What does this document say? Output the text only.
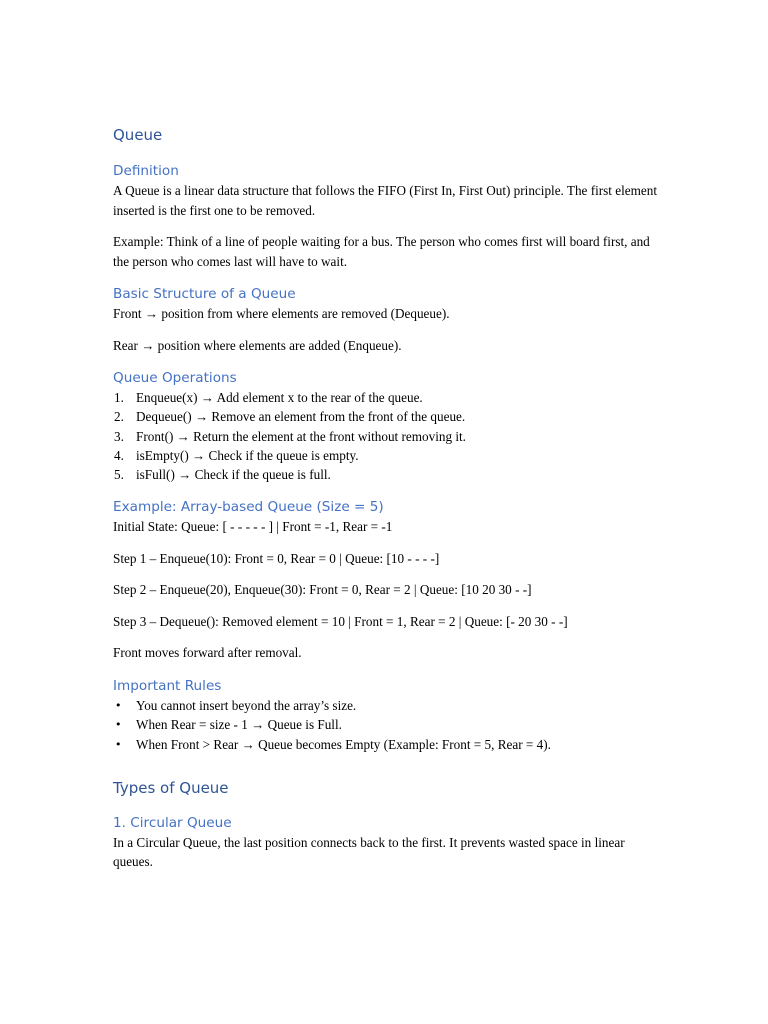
Queue
Definition

A Queue is a linear data structure that follows the FIFO (First In, First Out) principle. The first element inserted is the first one to be removed.

Example: Think of a line of people waiting for a bus. The person who comes first will board first, and the person who comes last will have to wait.

Basic Structure of a Queue

Front → position from where elements are removed (Dequeue).

Rear → position where elements are added (Enqueue).

Queue Operations
1. Enqueue(x) → Add element x to the rear of the queue.
2. Dequeue() → Remove an element from the front of the queue.
3. Front() → Return the element at the front without removing it.
4. isEmpty() → Check if the queue is empty.
5. isFull() → Check if the queue is full.
Example: Array-based Queue (Size = 5)

Initial State: Queue: [ - - - - - ] | Front = -1, Rear = -1

Step 1 – Enqueue(10): Front = 0, Rear = 0 | Queue: [10 - - - -]

Step 2 – Enqueue(20), Enqueue(30): Front = 0, Rear = 2 | Queue: [10 20 30 - -]

Step 3 – Dequeue(): Removed element = 10 | Front = 1, Rear = 2 | Queue: [- 20 30 - -]

Front moves forward after removal.

Important Rules
• You cannot insert beyond the array’s size.
• When Rear = size - 1 → Queue is Full.
• When Front > Rear → Queue becomes Empty (Example: Front = 5, Rear = 4).
Types of Queue
1. Circular Queue

In a Circular Queue, the last position connects back to the first. It prevents wasted space in linear queues.
